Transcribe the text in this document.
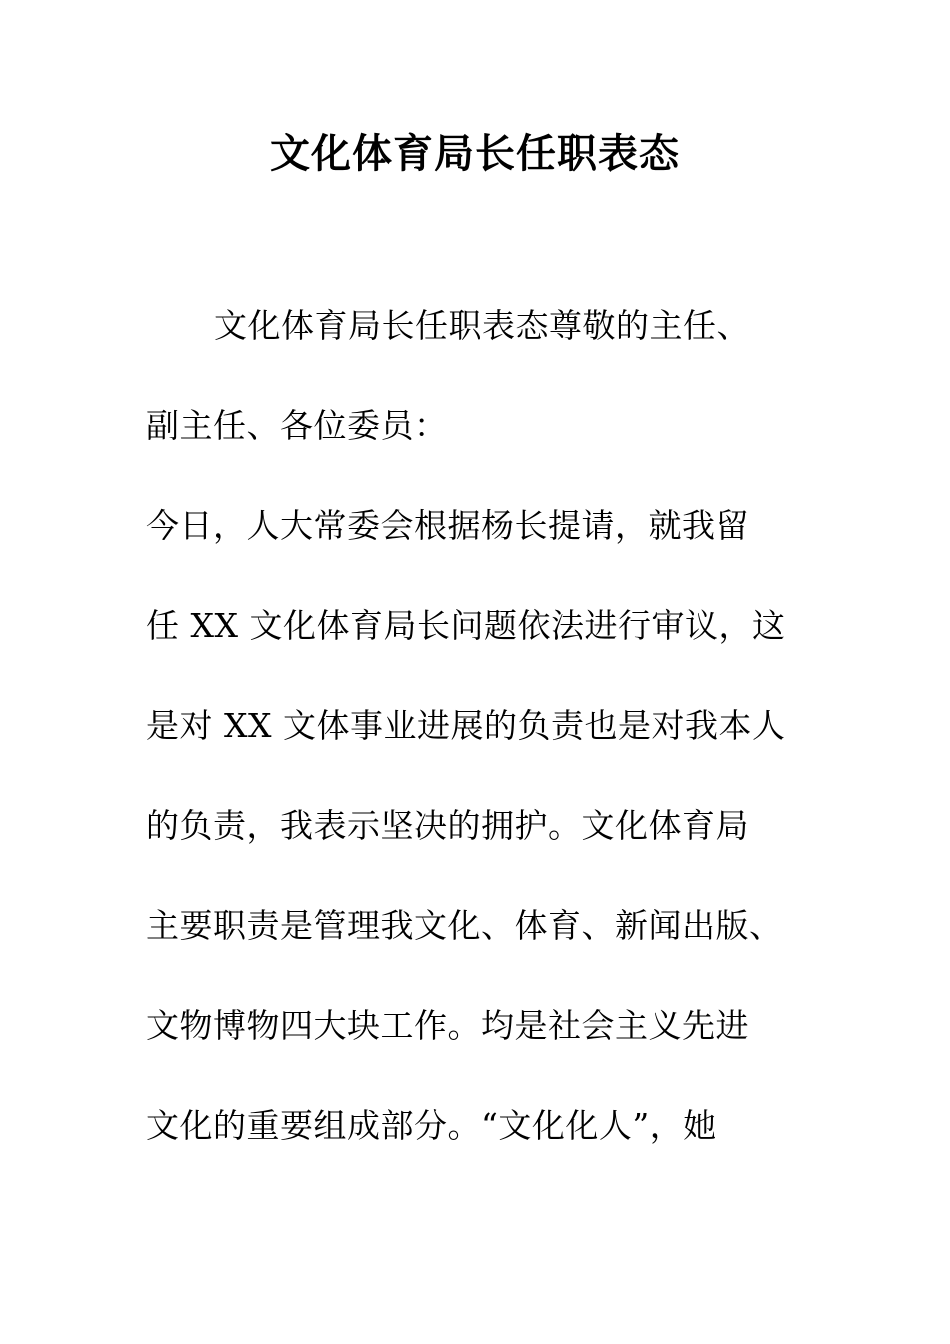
文化体育局长任职表态
文化体育局长任职表态尊敬的主任、
副主任、各位委员：
今日，人大常委会根据杨长提请，就我留
任 XX 文化体育局长问题依法进行审议，这
是对 XX 文体事业进展的负责也是对我本人
的负责，我表示坚决的拥护。文化体育局
主要职责是管理我文化、体育、新闻出版、
文物博物四大块工作。均是社会主义先进
文化的重要组成部分。“文化化人”，她
